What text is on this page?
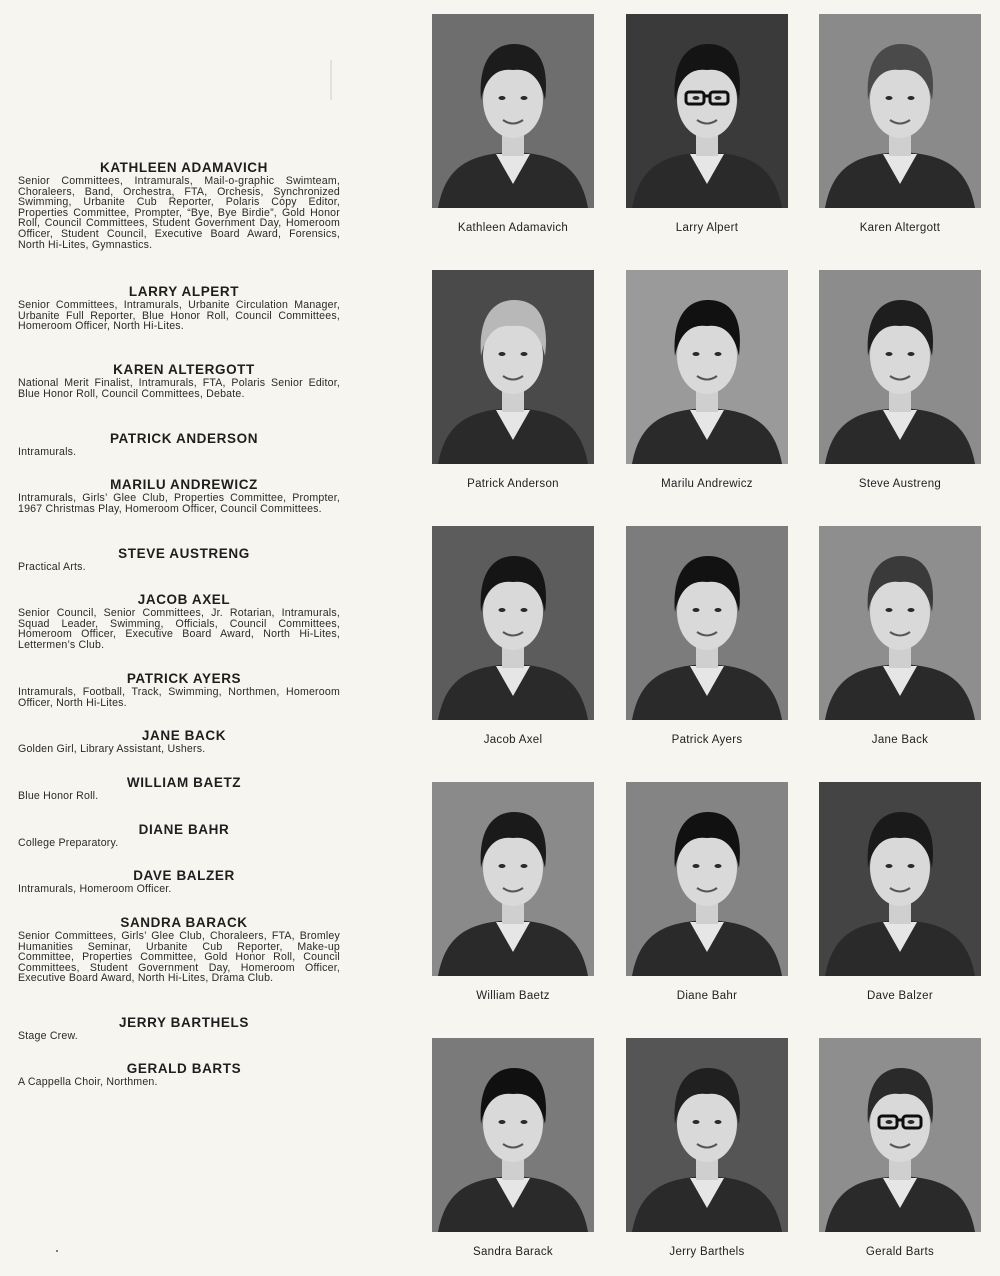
KATHLEEN ADAMAVICH
Senior Committees, Intramurals, Mail-o-graphic Swimteam, Choraleers, Band, Orchestra, FTA, Orchesis, Synchronized Swimming, Urbanite Cub Reporter, Polaris Copy Editor, Properties Committee, Prompter, “Bye, Bye Birdie”, Gold Honor Roll, Council Committees, Student Government Day, Homeroom Officer, Student Council, Executive Board Award, Forensics, North Hi-Lites, Gymnastics.
LARRY ALPERT
Senior Committees, Intramurals, Urbanite Circulation Manager, Urbanite Full Reporter, Blue Honor Roll, Council Committees, Homeroom Officer, North Hi-Lites.
KAREN ALTERGOTT
National Merit Finalist, Intramurals, FTA, Polaris Senior Editor, Blue Honor Roll, Council Committees, Debate.
PATRICK ANDERSON
Intramurals.
MARILU ANDREWICZ
Intramurals, Girls’ Glee Club, Properties Committee, Prompter, 1967 Christmas Play, Homeroom Officer, Council Committees.
STEVE AUSTRENG
Practical Arts.
JACOB AXEL
Senior Council, Senior Committees, Jr. Rotarian, Intramurals, Squad Leader, Swimming, Officials, Council Committees, Homeroom Officer, Executive Board Award, North Hi-Lites, Lettermen’s Club.
PATRICK AYERS
Intramurals, Football, Track, Swimming, Northmen, Homeroom Officer, North Hi-Lites.
JANE BACK
Golden Girl, Library Assistant, Ushers.
WILLIAM BAETZ
Blue Honor Roll.
DIANE BAHR
College Preparatory.
DAVE BALZER
Intramurals, Homeroom Officer.
SANDRA BARACK
Senior Committees, Girls’ Glee Club, Choraleers, FTA, Bromley Humanities Seminar, Urbanite Cub Reporter, Make-up Committee, Properties Committee, Gold Honor Roll, Council Committees, Student Government Day, Homeroom Officer, Executive Board Award, North Hi-Lites, Drama Club.
JERRY BARTHELS
Stage Crew.
GERALD BARTS
A Cappella Choir, Northmen.
Kathleen Adamavich	Larry Alpert	Karen Altergott
Patrick Anderson	Marilu Andrewicz	Steve Austreng
Jacob Axel	Patrick Ayers	Jane Back
William Baetz	Diane Bahr	Dave Balzer
Sandra Barack	Jerry Barthels	Gerald Barts
